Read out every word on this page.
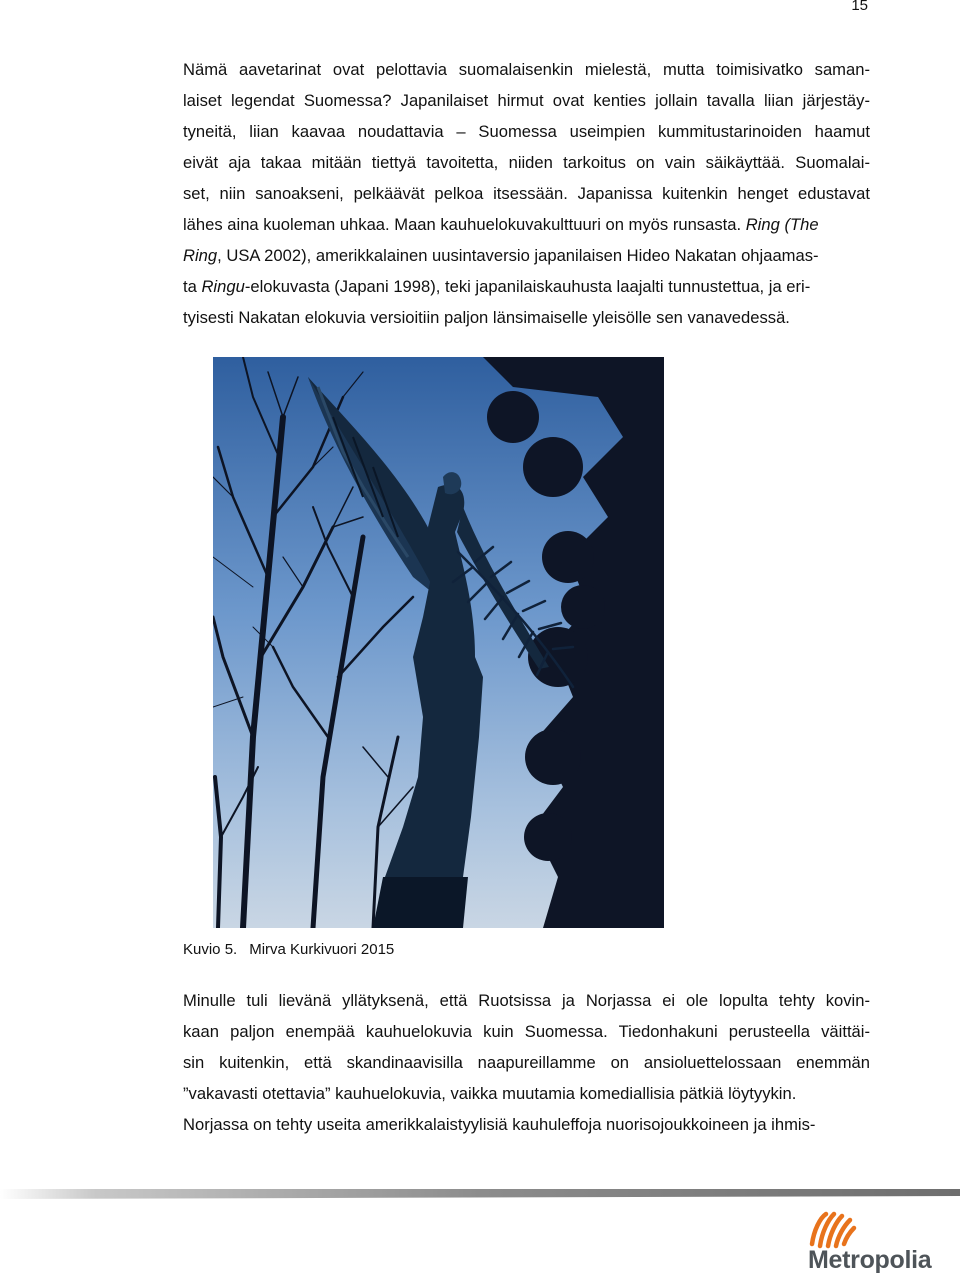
15
Nämä aavetarinat ovat pelottavia suomalaisenkin mielestä, mutta toimisivatko saman-
laiset legendat Suomessa? Japanilaiset hirmut ovat kenties jollain tavalla liian järjestäy-
tyneitä, liian kaavaa noudattavia – Suomessa useimpien kummitustarinoiden haamut
eivät aja takaa mitään tiettyä tavoitetta, niiden tarkoitus on vain säikäyttää. Suomalai-
set, niin sanoakseni, pelkäävät pelkoa itsessään. Japanissa kuitenkin henget edustavat
lähes aina kuoleman uhkaa. Maan kauhuelokuvakulttuuri on myös runsasta. Ring (The
Ring, USA 2002), amerikkalainen uusintaversio japanilaisen Hideo Nakatan ohjaamas-
ta Ringu-elokuvasta (Japani 1998), teki japanilaiskauhusta laajalti tunnustettua, ja eri-
tyisesti Nakatan elokuvia versioitiin paljon länsimaiselle yleisölle sen vanavedessä.
Kuvio 5. Mirva Kurkivuori 2015
Minulle tuli lievänä yllätyksenä, että Ruotsissa ja Norjassa ei ole lopulta tehty kovin-
kaan paljon enempää kauhuelokuvia kuin Suomessa. Tiedonhakuni perusteella väittäi-
sin kuitenkin, että skandinaavisilla naapureillamme on ansioluettelossaan enemmän
”vakavasti otettavia” kauhuelokuvia, vaikka muutamia komediallisia pätkiä löytyykin.
Norjassa on tehty useita amerikkalaistyylisiä kauhuleffoja nuorisojoukkoineen ja ihmis-
Metropolia
